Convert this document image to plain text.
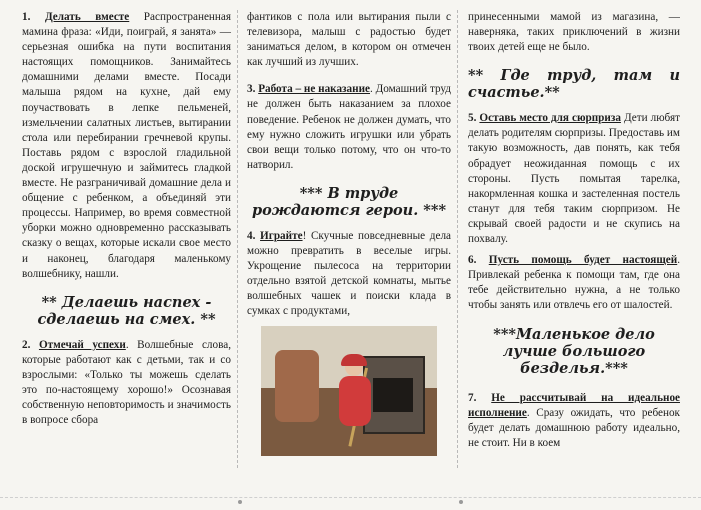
1. Делать вместе Распространенная мамина фраза: «Иди, поиграй, я занята» — серьезная ошибка на пути воспитания настоящих помощников. Занимайтесь домашними делами вместе. Посади малыша рядом на кухне, дай ему поучаствовать в лепке пельменей, измельчении салатных листьев, вытирании стола или перебирании гречневой крупы. Поставь рядом с взрослой гладильной доской игрушечную и займитесь гладкой вместе. Не разграничивай домашние дела и общение с ребенком, а объединяй эти процессы. Например, во время совместной уборки можно одновременно рассказывать сказку о вещах, которые искали свое место и наконец, благодаря маленькому волшебнику, нашли.

** Делаешь наспех - сделаешь на смех. **

2. Отмечай успехи. Волшебные слова, которые работают как с детьми, так и со взрослыми: «Только ты можешь сделать это по-настоящему хорошо!» Осознавая собственную неповторимость и значимость в вопросе сбора

фантиков с пола или вытирания пыли с телевизора, малыш с радостью будет заниматься делом, в котором он отмечен как лучший из лучших.

3. Работа – не наказание. Домашний труд не должен быть наказанием за плохое поведение. Ребенок не должен думать, что ему нужно сложить игрушки или убрать свои вещи только потому, что он что-то натворил.

*** В труде рождаются герои. ***

4. Играйте! Скучные повседневные дела можно превратить в веселые игры. Укрощение пылесоса на территории отдельно взятой детской комнаты, мытье волшебных чашек и поиски клада в сумках с продуктами,

принесенными мамой из магазина, — наверняка, таких приключений в жизни твоих детей еще не было.

** Где труд, там и счастье.**

5. Оставь место для сюрприза Дети любят делать родителям сюрпризы. Предоставь им такую возможность, дав понять, как тебя обрадует неожиданная помощь с их стороны. Пусть помытая тарелка, накормленная кошка и застеленная постель станут для тебя таким сюрпризом. Не скрывай своей радости и не скупись на похвалу.

6. Пусть помощь будет настоящей. Привлекай ребенка к помощи там, где она тебе действительно нужна, а не только чтобы занять или отвлечь его от шалостей.

***Маленькое дело лучше большого безделья.***

7. Не рассчитывай на идеальное исполнение. Сразу ожидать, что ребенок будет делать домашнюю работу идеально, не стоит. Ни в коем
